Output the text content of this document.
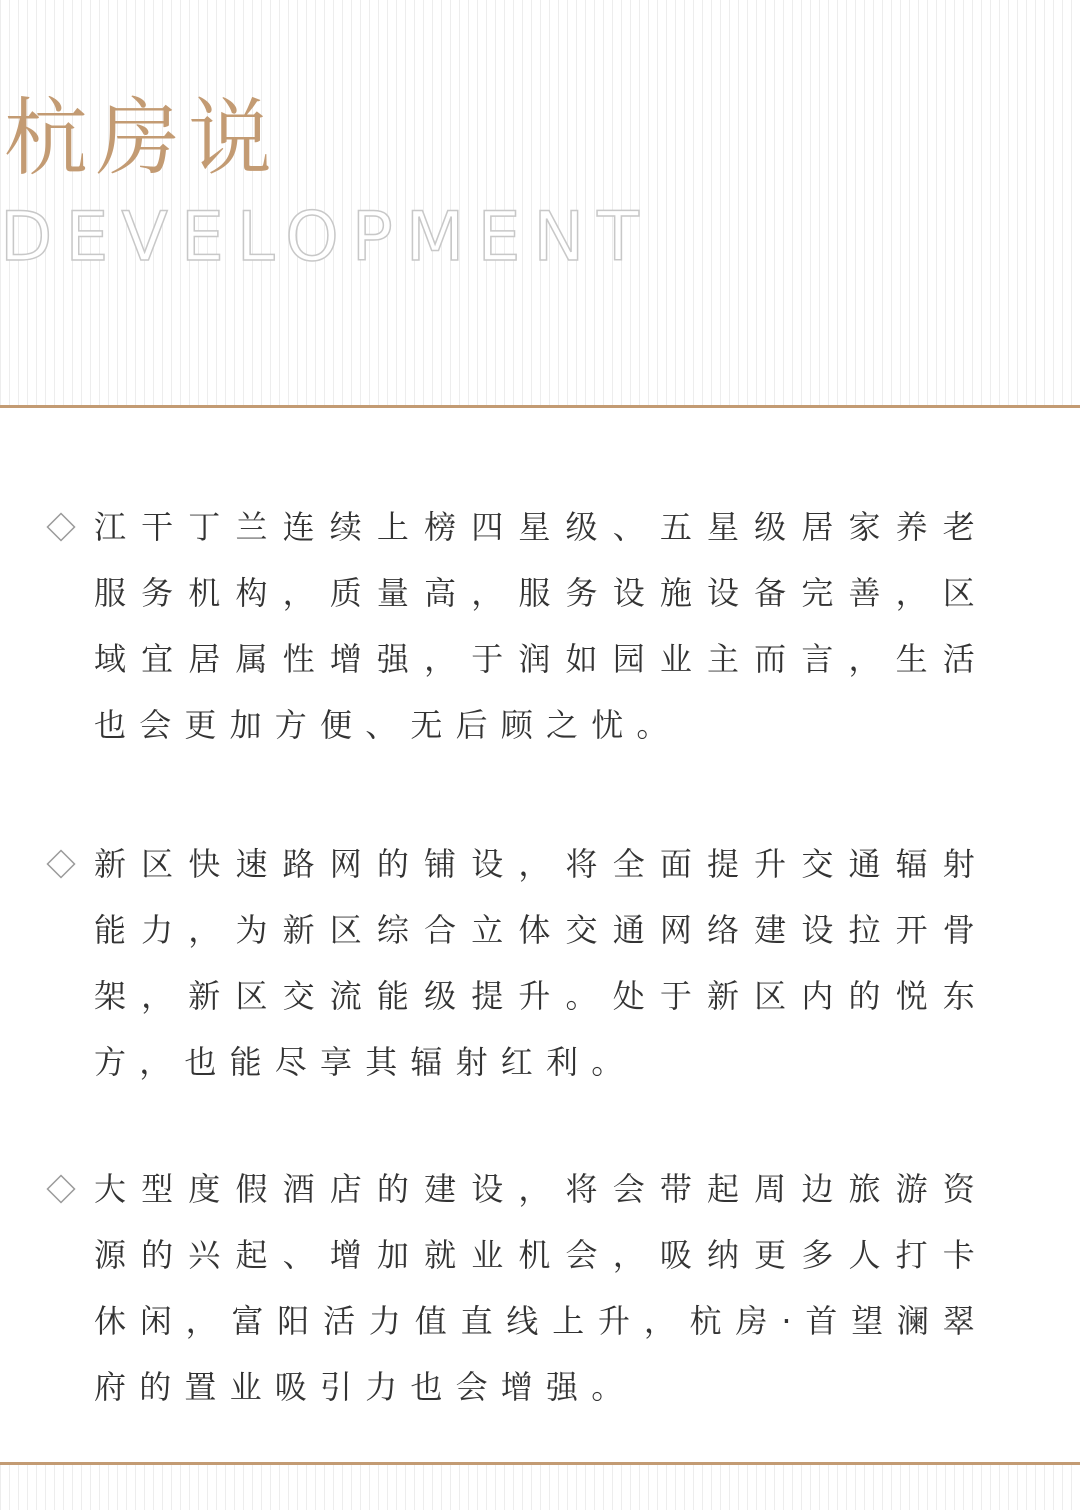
杭房说
DEVELOPMENT
江干丁兰连续上榜四星级、五星级居家养老服务机构，质量高，服务设施设备完善，区域宜居属性增强，于润如园业主而言，生活也会更加方便、无后顾之忧。
新区快速路网的铺设，将全面提升交通辐射能力，为新区综合立体交通网络建设拉开骨架，新区交流能级提升。处于新区内的悦东方，也能尽享其辐射红利。
大型度假酒店的建设，将会带起周边旅游资源的兴起、增加就业机会，吸纳更多人打卡休闲，富阳活力值直线上升，杭房·首望澜翠府的置业吸引力也会增强。
